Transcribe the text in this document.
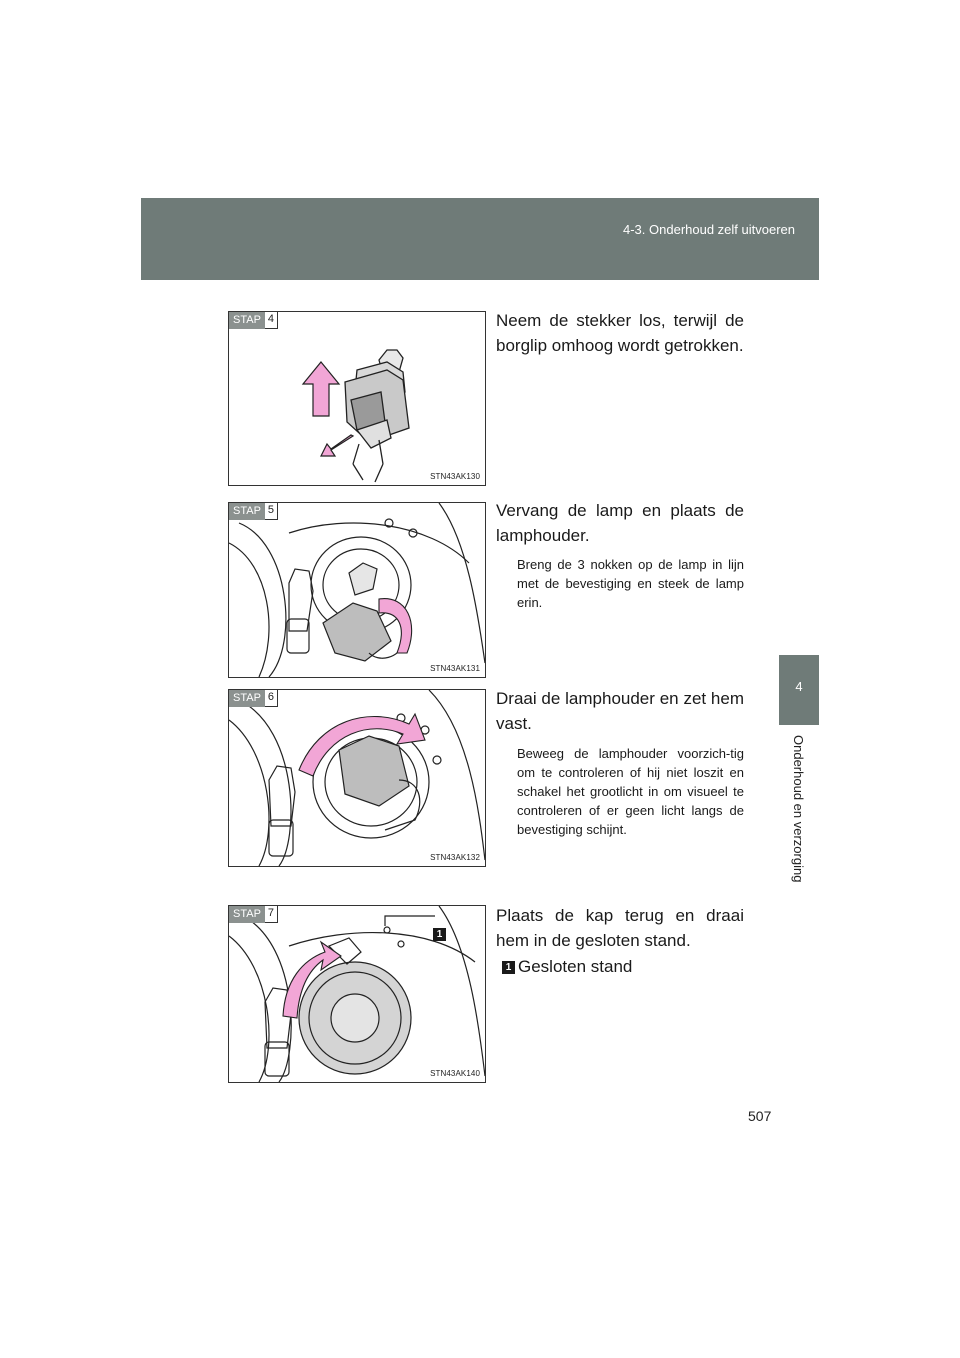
4-3. Onderhoud zelf uitvoeren
4
Onderhoud en verzorging
STAP 4
STN43AK130
STAP 5
STN43AK131
STAP 6
STN43AK132
STAP 7
1
STN43AK140
Neem de stekker los, terwijl de borglip omhoog wordt getrokken.
Vervang de lamp en plaats de lamphouder.
Breng de 3 nokken op de lamp in lijn met de bevestiging en steek de lamp erin.
Draai de lamphouder en zet hem vast.
Beweeg de lamphouder voorzich-tig om te controleren of hij niet loszit en schakel het grootlicht in om visueel te controleren of er geen licht langs de bevestiging schijnt.
Plaats de kap terug en draai hem in de gesloten stand.
1 Gesloten stand
507
